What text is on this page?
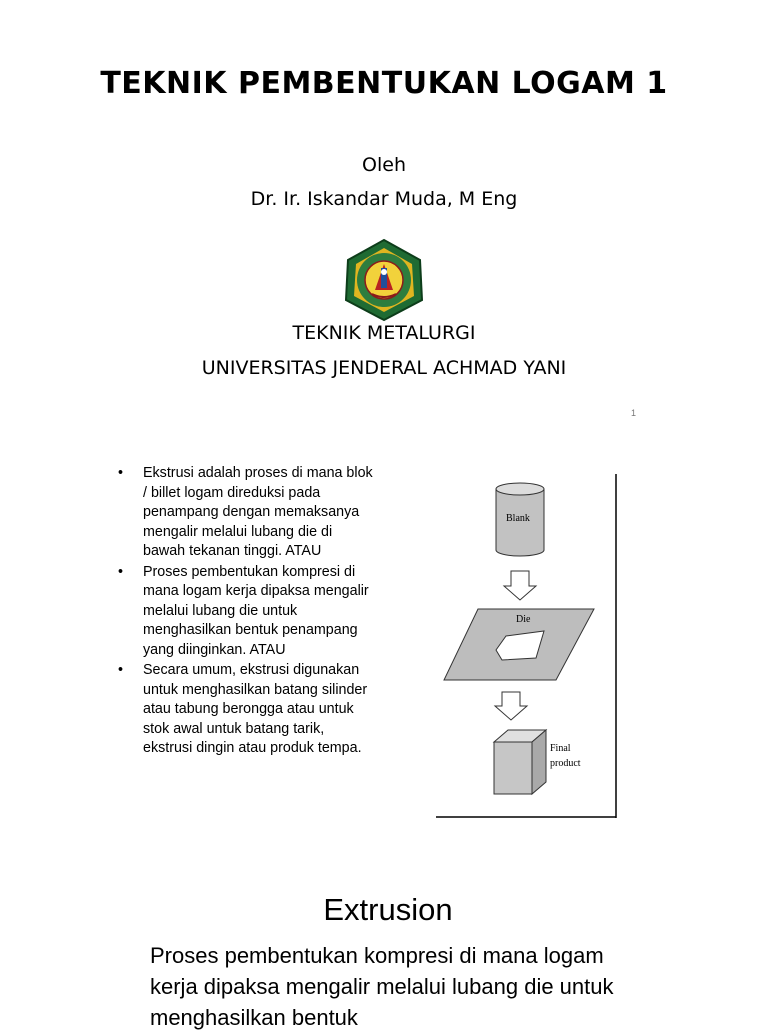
TEKNIK PEMBENTUKAN LOGAM 1
Oleh
Dr. Ir. Iskandar Muda, M Eng
TEKNIK METALURGI
UNIVERSITAS JENDERAL ACHMAD YANI
1
• Ekstrusi adalah proses di mana blok / billet logam direduksi pada penampang dengan memaksanya mengalir melalui lubang die di bawah tekanan tinggi. ATAU
• Proses pembentukan kompresi di mana logam kerja dipaksa mengalir melalui lubang die untuk menghasilkan bentuk penampang yang diinginkan. ATAU
• Secara umum, ekstrusi digunakan untuk menghasilkan batang silinder atau tabung berongga atau untuk stok awal untuk batang tarik, ekstrusi dingin atau produk tempa.
Blank
Die
Final
product
Extrusion
Proses pembentukan kompresi di mana logam kerja dipaksa mengalir melalui lubang die untuk menghasilkan bentuk
